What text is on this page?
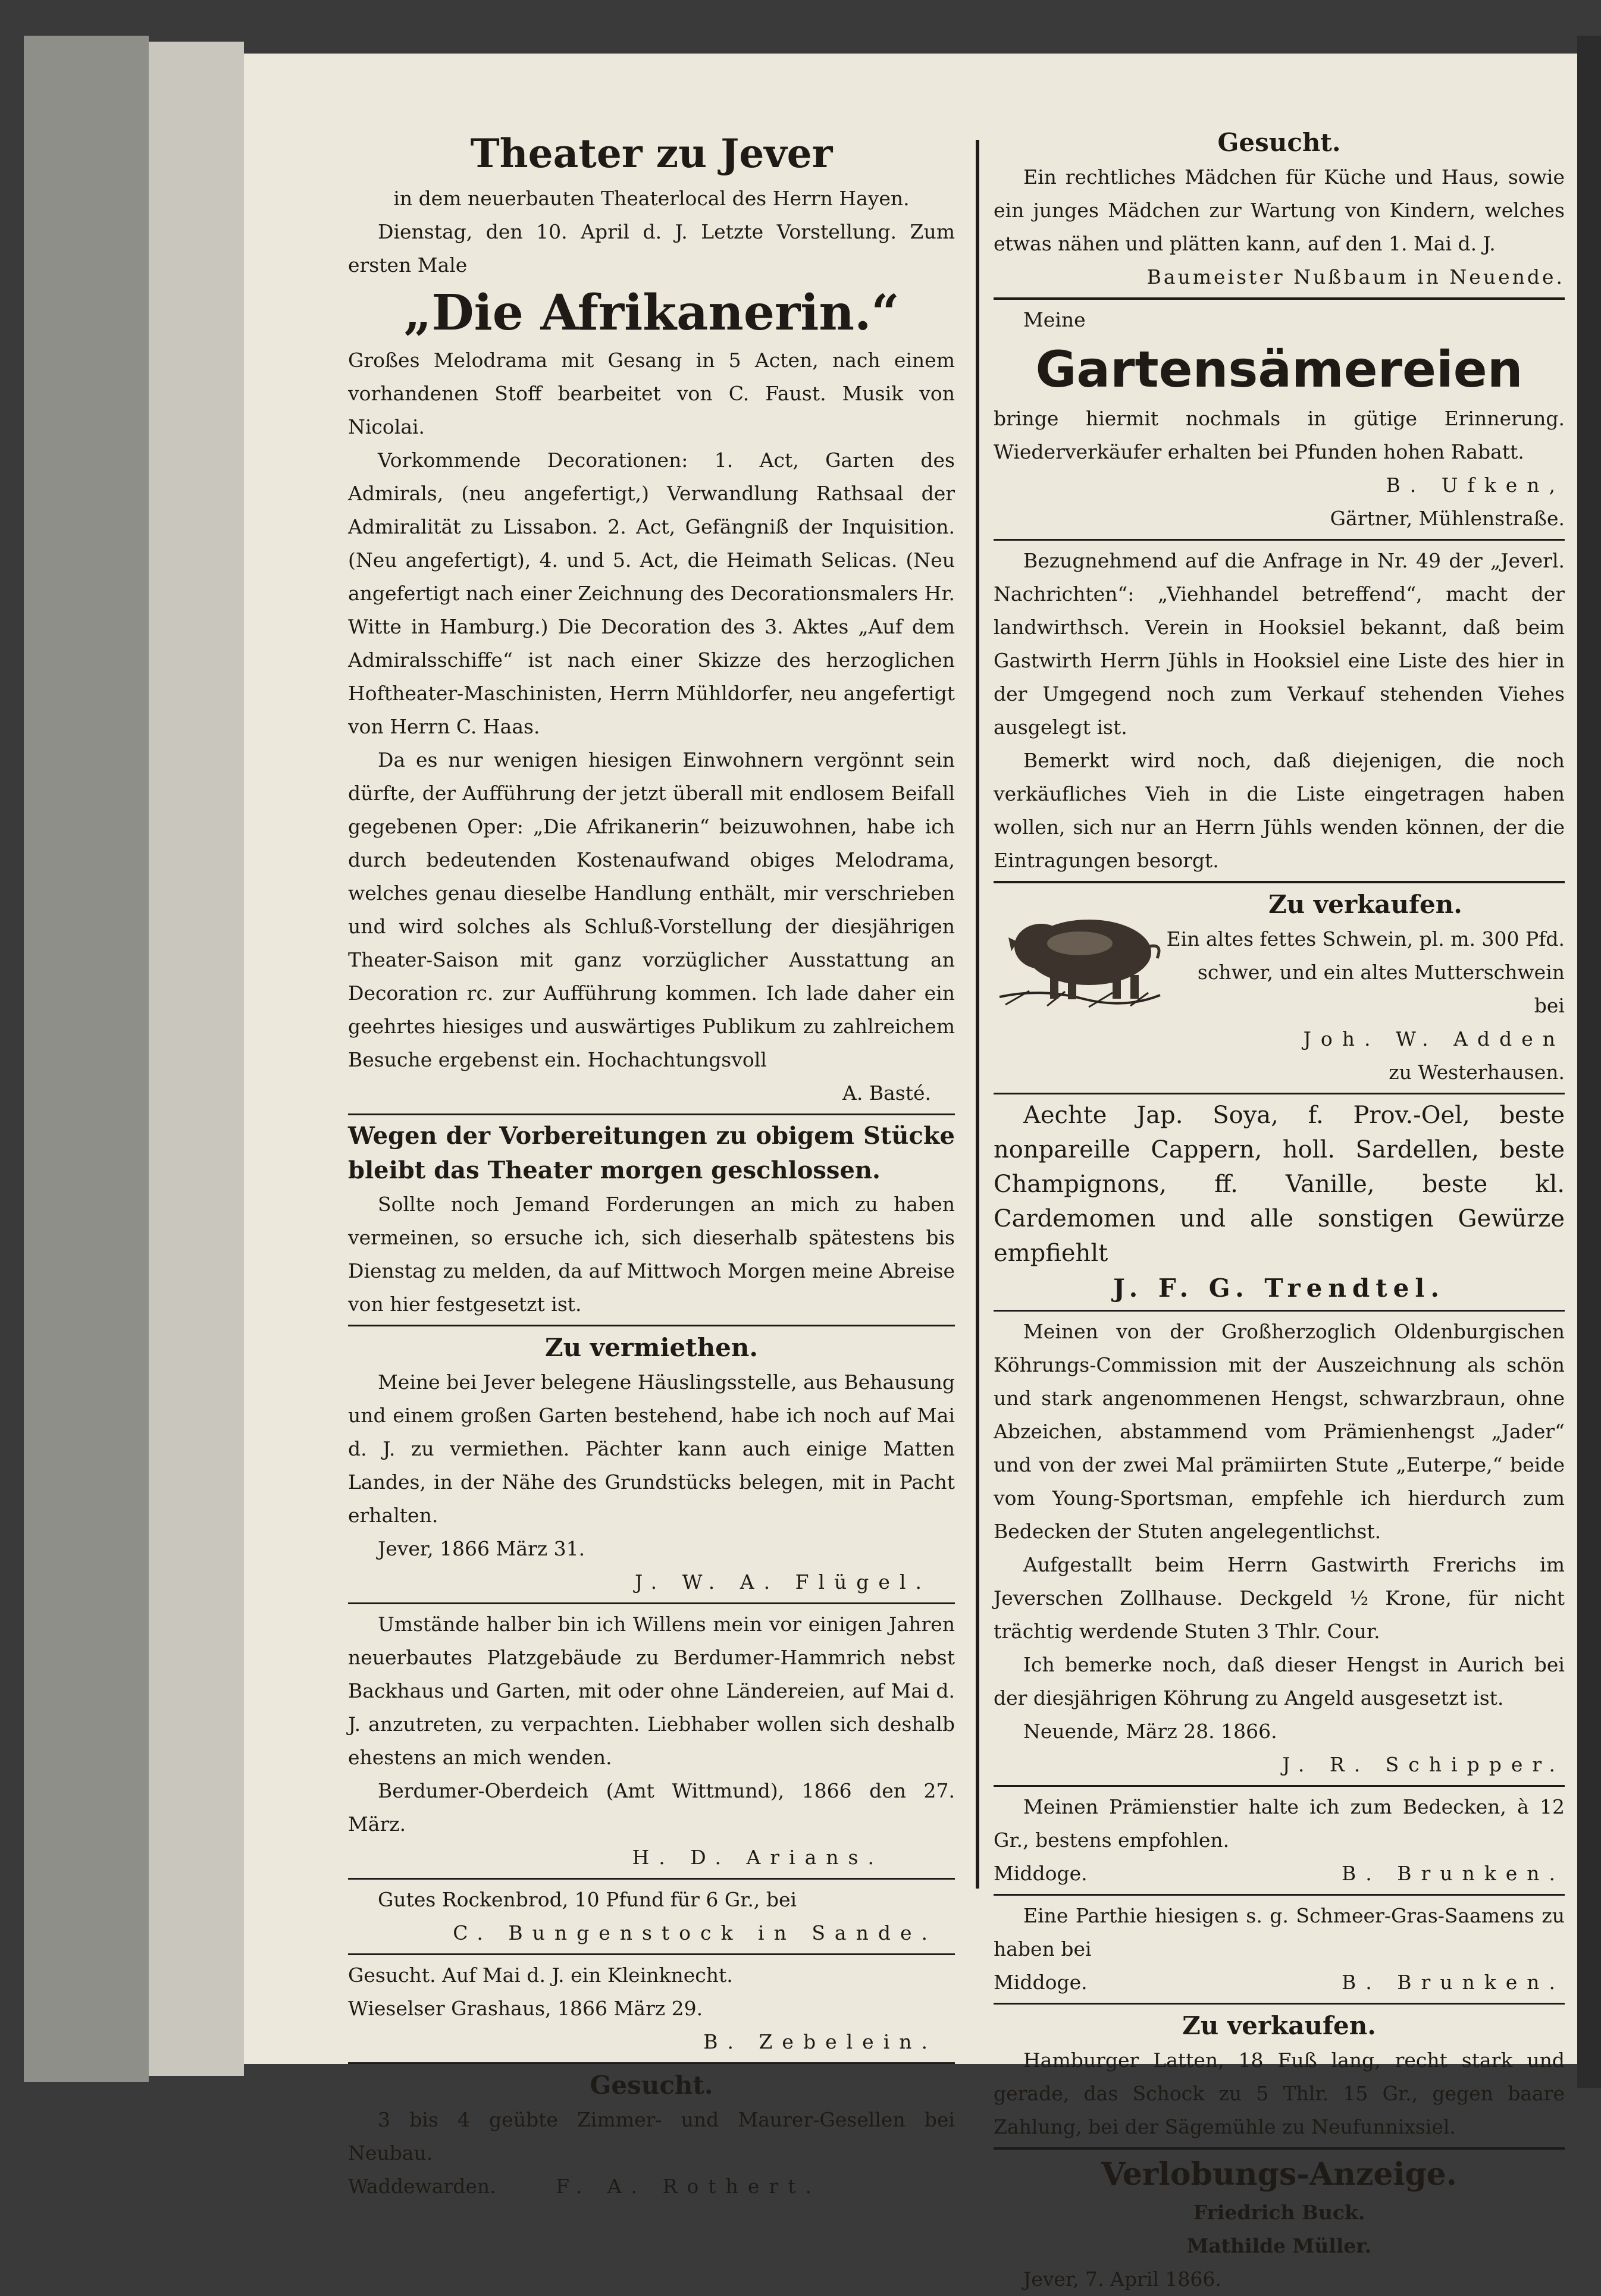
Theater zu Jever

in dem neuerbauten Theaterlocal des Herrn Hayen.

Dienstag, den 10. April d. J. Letzte Vorstellung. Zum ersten Male

„Die Afrikanerin.“

Großes Melodrama mit Gesang in 5 Acten, nach einem vorhandenen Stoff bearbeitet von C. Faust. Musik von Nicolai.

Vorkommende Decorationen: 1. Act, Garten des Admirals, (neu angefertigt,) Verwandlung Rathsaal der Admiralität zu Lissabon. 2. Act, Gefängniß der Inquisition. (Neu angefertigt), 4. und 5. Act, die Heimath Selicas. (Neu angefertigt nach einer Zeichnung des Decorationsmalers Hr. Witte in Hamburg.) Die Decoration des 3. Aktes „Auf dem Admiralsschiffe“ ist nach einer Skizze des herzoglichen Hoftheater-Maschinisten, Herrn Mühldorfer, neu angefertigt von Herrn C. Haas.

Da es nur wenigen hiesigen Einwohnern vergönnt sein dürfte, der Aufführung der jetzt überall mit endlosem Beifall gegebenen Oper: „Die Afrikanerin“ beizuwohnen, habe ich durch bedeutenden Kostenaufwand obiges Melodrama, welches genau dieselbe Handlung enthält, mir verschrieben und wird solches als Schluß-Vorstellung der diesjährigen Theater-Saison mit ganz vorzüglicher Ausstattung an Decoration rc. zur Aufführung kommen. Ich lade daher ein geehrtes hiesiges und auswärtiges Publikum zu zahlreichem Besuche ergebenst ein. Hochachtungsvoll

A. Basté.

Wegen der Vorbereitungen zu obigem Stücke bleibt das Theater morgen geschlossen.

Sollte noch Jemand Forderungen an mich zu haben vermeinen, so ersuche ich, sich dieserhalb spätestens bis Dienstag zu melden, da auf Mittwoch Morgen meine Abreise von hier festgesetzt ist.

Zu vermiethen.

Meine bei Jever belegene Häuslingsstelle, aus Behausung und einem großen Garten bestehend, habe ich noch auf Mai d. J. zu vermiethen. Pächter kann auch einige Matten Landes, in der Nähe des Grundstücks belegen, mit in Pacht erhalten.

Jever, 1866 März 31.

J. W. A. Flügel.

Umstände halber bin ich Willens mein vor einigen Jahren neuerbautes Platzgebäude zu Berdumer-Hammrich nebst Backhaus und Garten, mit oder ohne Ländereien, auf Mai d. J. anzutreten, zu verpachten. Liebhaber wollen sich deshalb ehestens an mich wenden.

Berdumer-Oberdeich (Amt Wittmund), 1866 den 27. März.

H. D. Arians.

Gutes Rockenbrod, 10 Pfund für 6 Gr., bei

C. Bungenstock in Sande.

Gesucht. Auf Mai d. J. ein Kleinknecht.

Wieselser Grashaus, 1866 März 29.

B. Zebelein.

Gesucht.

3 bis 4 geübte Zimmer- und Maurer-Gesellen bei Neubau.

Waddewarden.	F. A. Rothert.

Gesucht.

Ein rechtliches Mädchen für Küche und Haus, sowie ein junges Mädchen zur Wartung von Kindern, welches etwas nähen und plätten kann, auf den 1. Mai d. J.

Baumeister Nußbaum in Neuende.

Meine

Gartensämereien

bringe hiermit nochmals in gütige Erinnerung. Wiederverkäufer erhalten bei Pfunden hohen Rabatt.

B. Ufken,

Gärtner, Mühlenstraße.

Bezugnehmend auf die Anfrage in Nr. 49 der „Jeverl. Nachrichten“: „Viehhandel betreffend“, macht der landwirthsch. Verein in Hooksiel bekannt, daß beim Gastwirth Herrn Jühls in Hooksiel eine Liste des hier in der Umgegend noch zum Verkauf stehenden Viehes ausgelegt ist.

Bemerkt wird noch, daß diejenigen, die noch verkäufliches Vieh in die Liste eingetragen haben wollen, sich nur an Herrn Jühls wenden können, der die Eintragungen besorgt.

Zu verkaufen.

Ein altes fettes Schwein, pl. m. 300 Pfd. schwer, und ein altes Mutterschwein bei

Joh. W. Adden

zu Westerhausen.

Aechte Jap. Soya, f. Prov.-Oel, beste nonpareille Cappern, holl. Sardellen, beste Champignons, ff. Vanille, beste kl. Cardemomen und alle sonstigen Gewürze empfiehlt

J. F. G. Trendtel.

Meinen von der Großherzoglich Oldenburgischen Köhrungs-Commission mit der Auszeichnung als schön und stark angenommenen Hengst, schwarzbraun, ohne Abzeichen, abstammend vom Prämienhengst „Jader“ und von der zwei Mal prämiirten Stute „Euterpe,“ beide vom Young-Sportsman, empfehle ich hierdurch zum Bedecken der Stuten angelegentlichst.

Aufgestallt beim Herrn Gastwirth Frerichs im Jeverschen Zollhause. Deckgeld ½ Krone, für nicht trächtig werdende Stuten 3 Thlr. Cour.

Ich bemerke noch, daß dieser Hengst in Aurich bei der diesjährigen Köhrung zu Angeld ausgesetzt ist.

Neuende, März 28. 1866.

J. R. Schipper.

Meinen Prämienstier halte ich zum Bedecken, à 12 Gr., bestens empfohlen.

Middoge.	B. Brunken.

Eine Parthie hiesigen s. g. Schmeer-Gras-Saamens zu haben bei

Middoge.	B. Brunken.

Zu verkaufen.

Hamburger Latten, 18 Fuß lang, recht stark und gerade, das Schock zu 5 Thlr. 15 Gr., gegen baare Zahlung, bei der Sägemühle zu Neufunnixsiel.

Verlobungs-Anzeige.

Friedrich Buck.

Mathilde Müller.

Jever, 7. April 1866.
